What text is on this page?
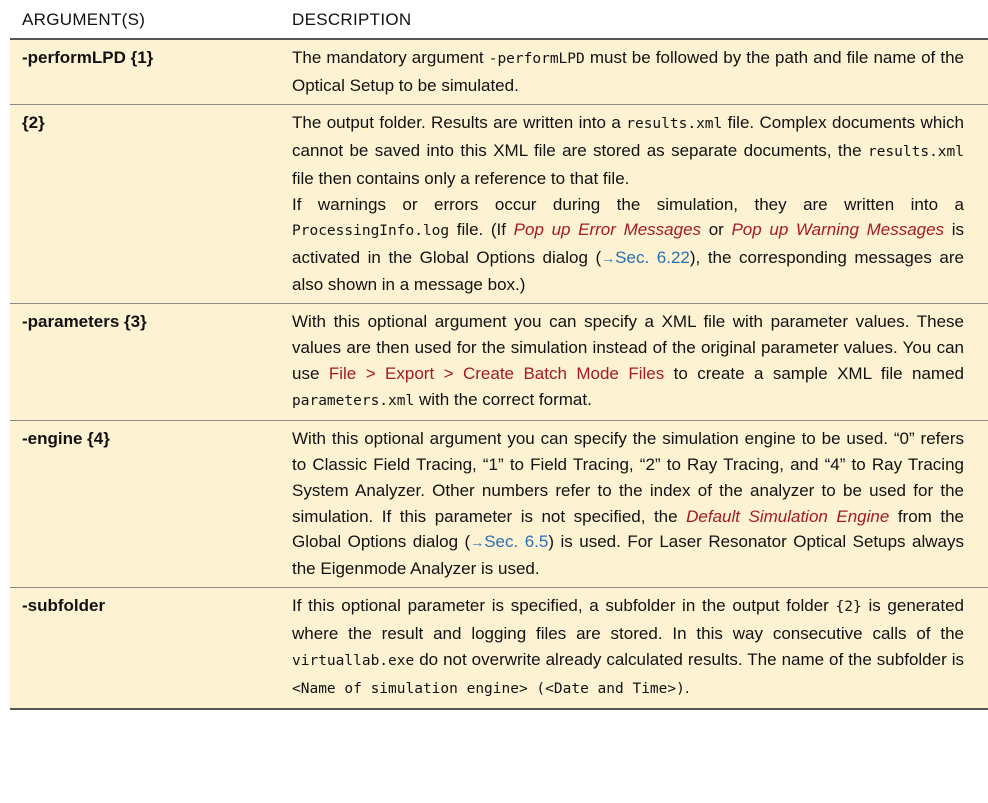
ARGUMENT(S)	DESCRIPTION
-performLPD {1}	The mandatory argument -performLPD must be followed by the path and file name of the Optical Setup to be simulated.
{2}	The output folder. Results are written into a results.xml file. Complex documents which cannot be saved into this XML file are stored as separate documents, the results.xml file then contains only a reference to that file.

If warnings or errors occur during the simulation, they are written into a ProcessingInfo.log file. (If Pop up Error Messages or Pop up Warning Messages is activated in the Global Options dialog (→Sec. 6.22), the corresponding messages are also shown in a message box.)

-parameters {3}	With this optional argument you can specify a XML file with parameter values. These values are then used for the simulation instead of the original parameter values. You can use File > Export > Create Batch Mode Files to create a sample XML file named parameters.xml with the correct format.
-engine {4}	With this optional argument you can specify the simulation engine to be used. “0” refers to Classic Field Tracing, “1” to Field Tracing, “2” to Ray Tracing, and “4” to Ray Tracing System Analyzer. Other numbers refer to the index of the analyzer to be used for the simulation. If this parameter is not specified, the Default Simulation Engine from the Global Options dialog (→Sec. 6.5) is used. For Laser Resonator Optical Setups always the Eigenmode Analyzer is used.
-subfolder	If this optional parameter is specified, a subfolder in the output folder {2} is generated where the result and logging files are stored. In this way consecutive calls of the virtuallab.exe do not overwrite already calculated results. The name of the subfolder is <Name of simulation engine> (<Date and Time>).
